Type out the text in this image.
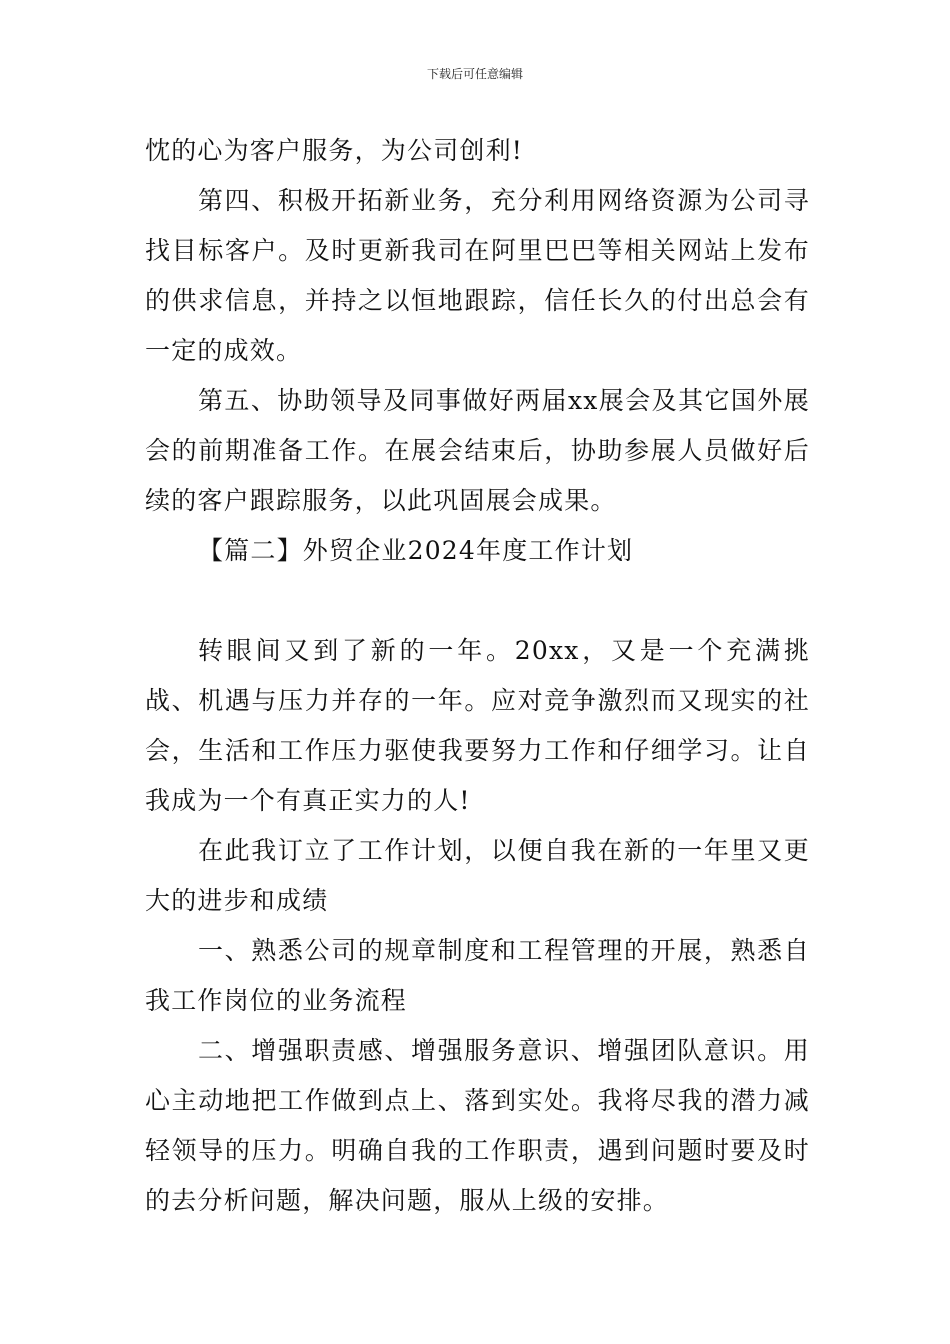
下载后可任意编辑

忱的心为客户服务，为公司创利!

第四、积极开拓新业务，充分利用网络资源为公司寻找目标客户。及时更新我司在阿里巴巴等相关网站上发布的供求信息，并持之以恒地跟踪，信任长久的付出总会有一定的成效。

第五、协助领导及同事做好两届xx展会及其它国外展会的前期准备工作。在展会结束后，协助参展人员做好后续的客户跟踪服务，以此巩固展会成果。

【篇二】外贸企业2024年度工作计划

转眼间又到了新的一年。20xx，又是一个充满挑战、机遇与压力并存的一年。应对竞争激烈而又现实的社会，生活和工作压力驱使我要努力工作和仔细学习。让自我成为一个有真正实力的人!

在此我订立了工作计划，以便自我在新的一年里又更大的进步和成绩

一、熟悉公司的规章制度和工程管理的开展，熟悉自我工作岗位的业务流程

二、增强职责感、增强服务意识、增强团队意识。用心主动地把工作做到点上、落到实处。我将尽我的潜力减轻领导的压力。明确自我的工作职责，遇到问题时要及时的去分析问题，解决问题，服从上级的安排。
